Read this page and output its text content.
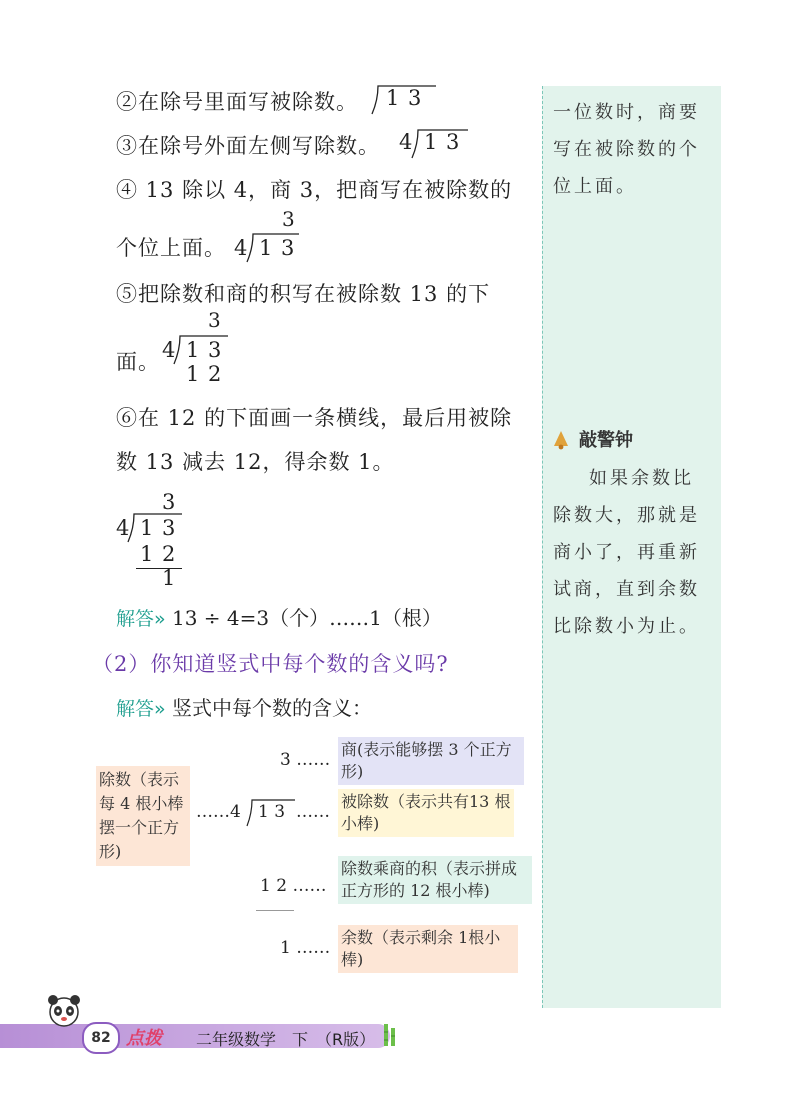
一位数时，商要写在被除数的个位上面。
敲警钟
如果余数比除数大，那就是商小了，再重新试商，直到余数比除数小为止。
②在除号里面写被除数。 1 3
③在除号外面左侧写除数。 4 1 3
④ 13 除以 4，商 3，把商写在被除数的
3
个位上面。 4 1 3
⑤把除数和商的积写在被除数 13 的下
3
面。 4 1 3
1 2
⑥在 12 的下面画一条横线，最后用被除
数 13 减去 12，得余数 1。
3
4 1 3
1 2
1
解答» 13 ÷ 4=3（个）……1（根）
（2）你知道竖式中每个数的含义吗?
解答» 竖式中每个数的含义：
3 ……
商(表示能够摆 3 个正方形)
除数（表示每 4 根小棒摆一个正方形)
……4 1 3 ……
被除数（表示共有13 根小棒)
1 2 ……
除数乘商的积（表示拼成正方形的 12 根小棒)
1 ……
余数（表示剩余 1根小棒)
82 点拨 二年级数学　下　（R版）
